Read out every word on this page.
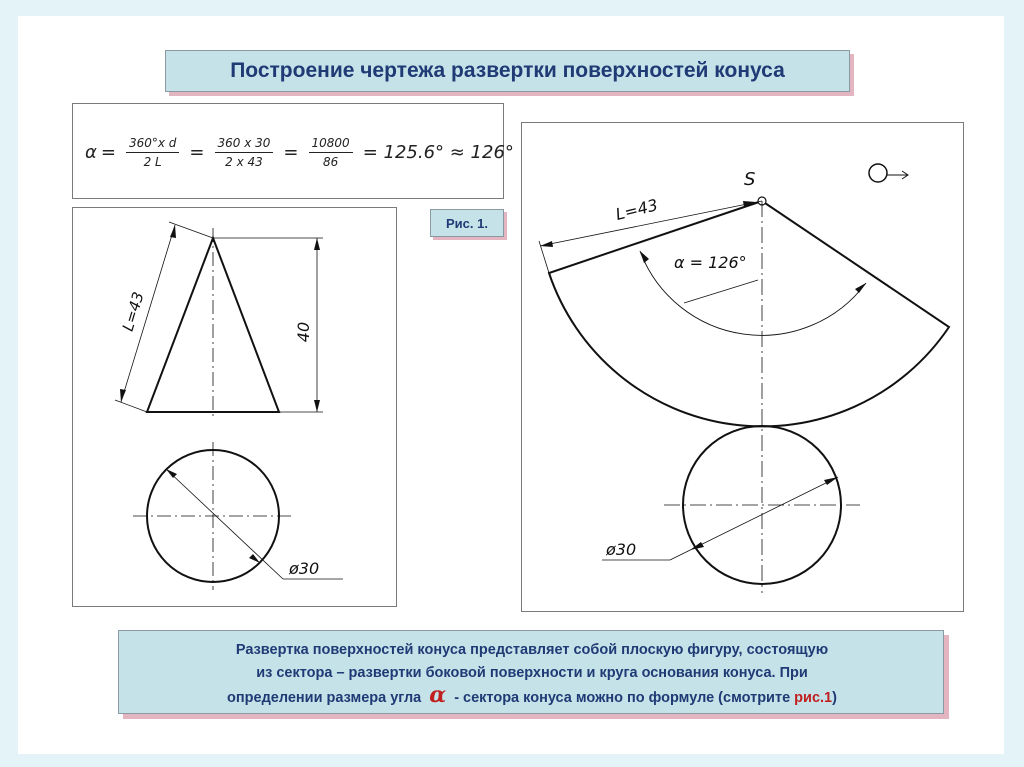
Построение чертежа развертки поверхностей конуса
$\alpha = \frac{\text{360°x d}}{2 L} = \frac{360 x 30}{2 x 43} = \frac{10800}{86} = 125.6^\circ \approx 126^\circ$
Рис. 1.
40
L=43
ø30
S
L=43
α = 126°
ø30
Развертка поверхностей конуса представляет собой плоскую фигуру, состоящую
из сектора – развертки боковой поверхности и круга основания конуса. При
определении размера угла α - сектора конуса можно по формуле (смотрите рис.1)
